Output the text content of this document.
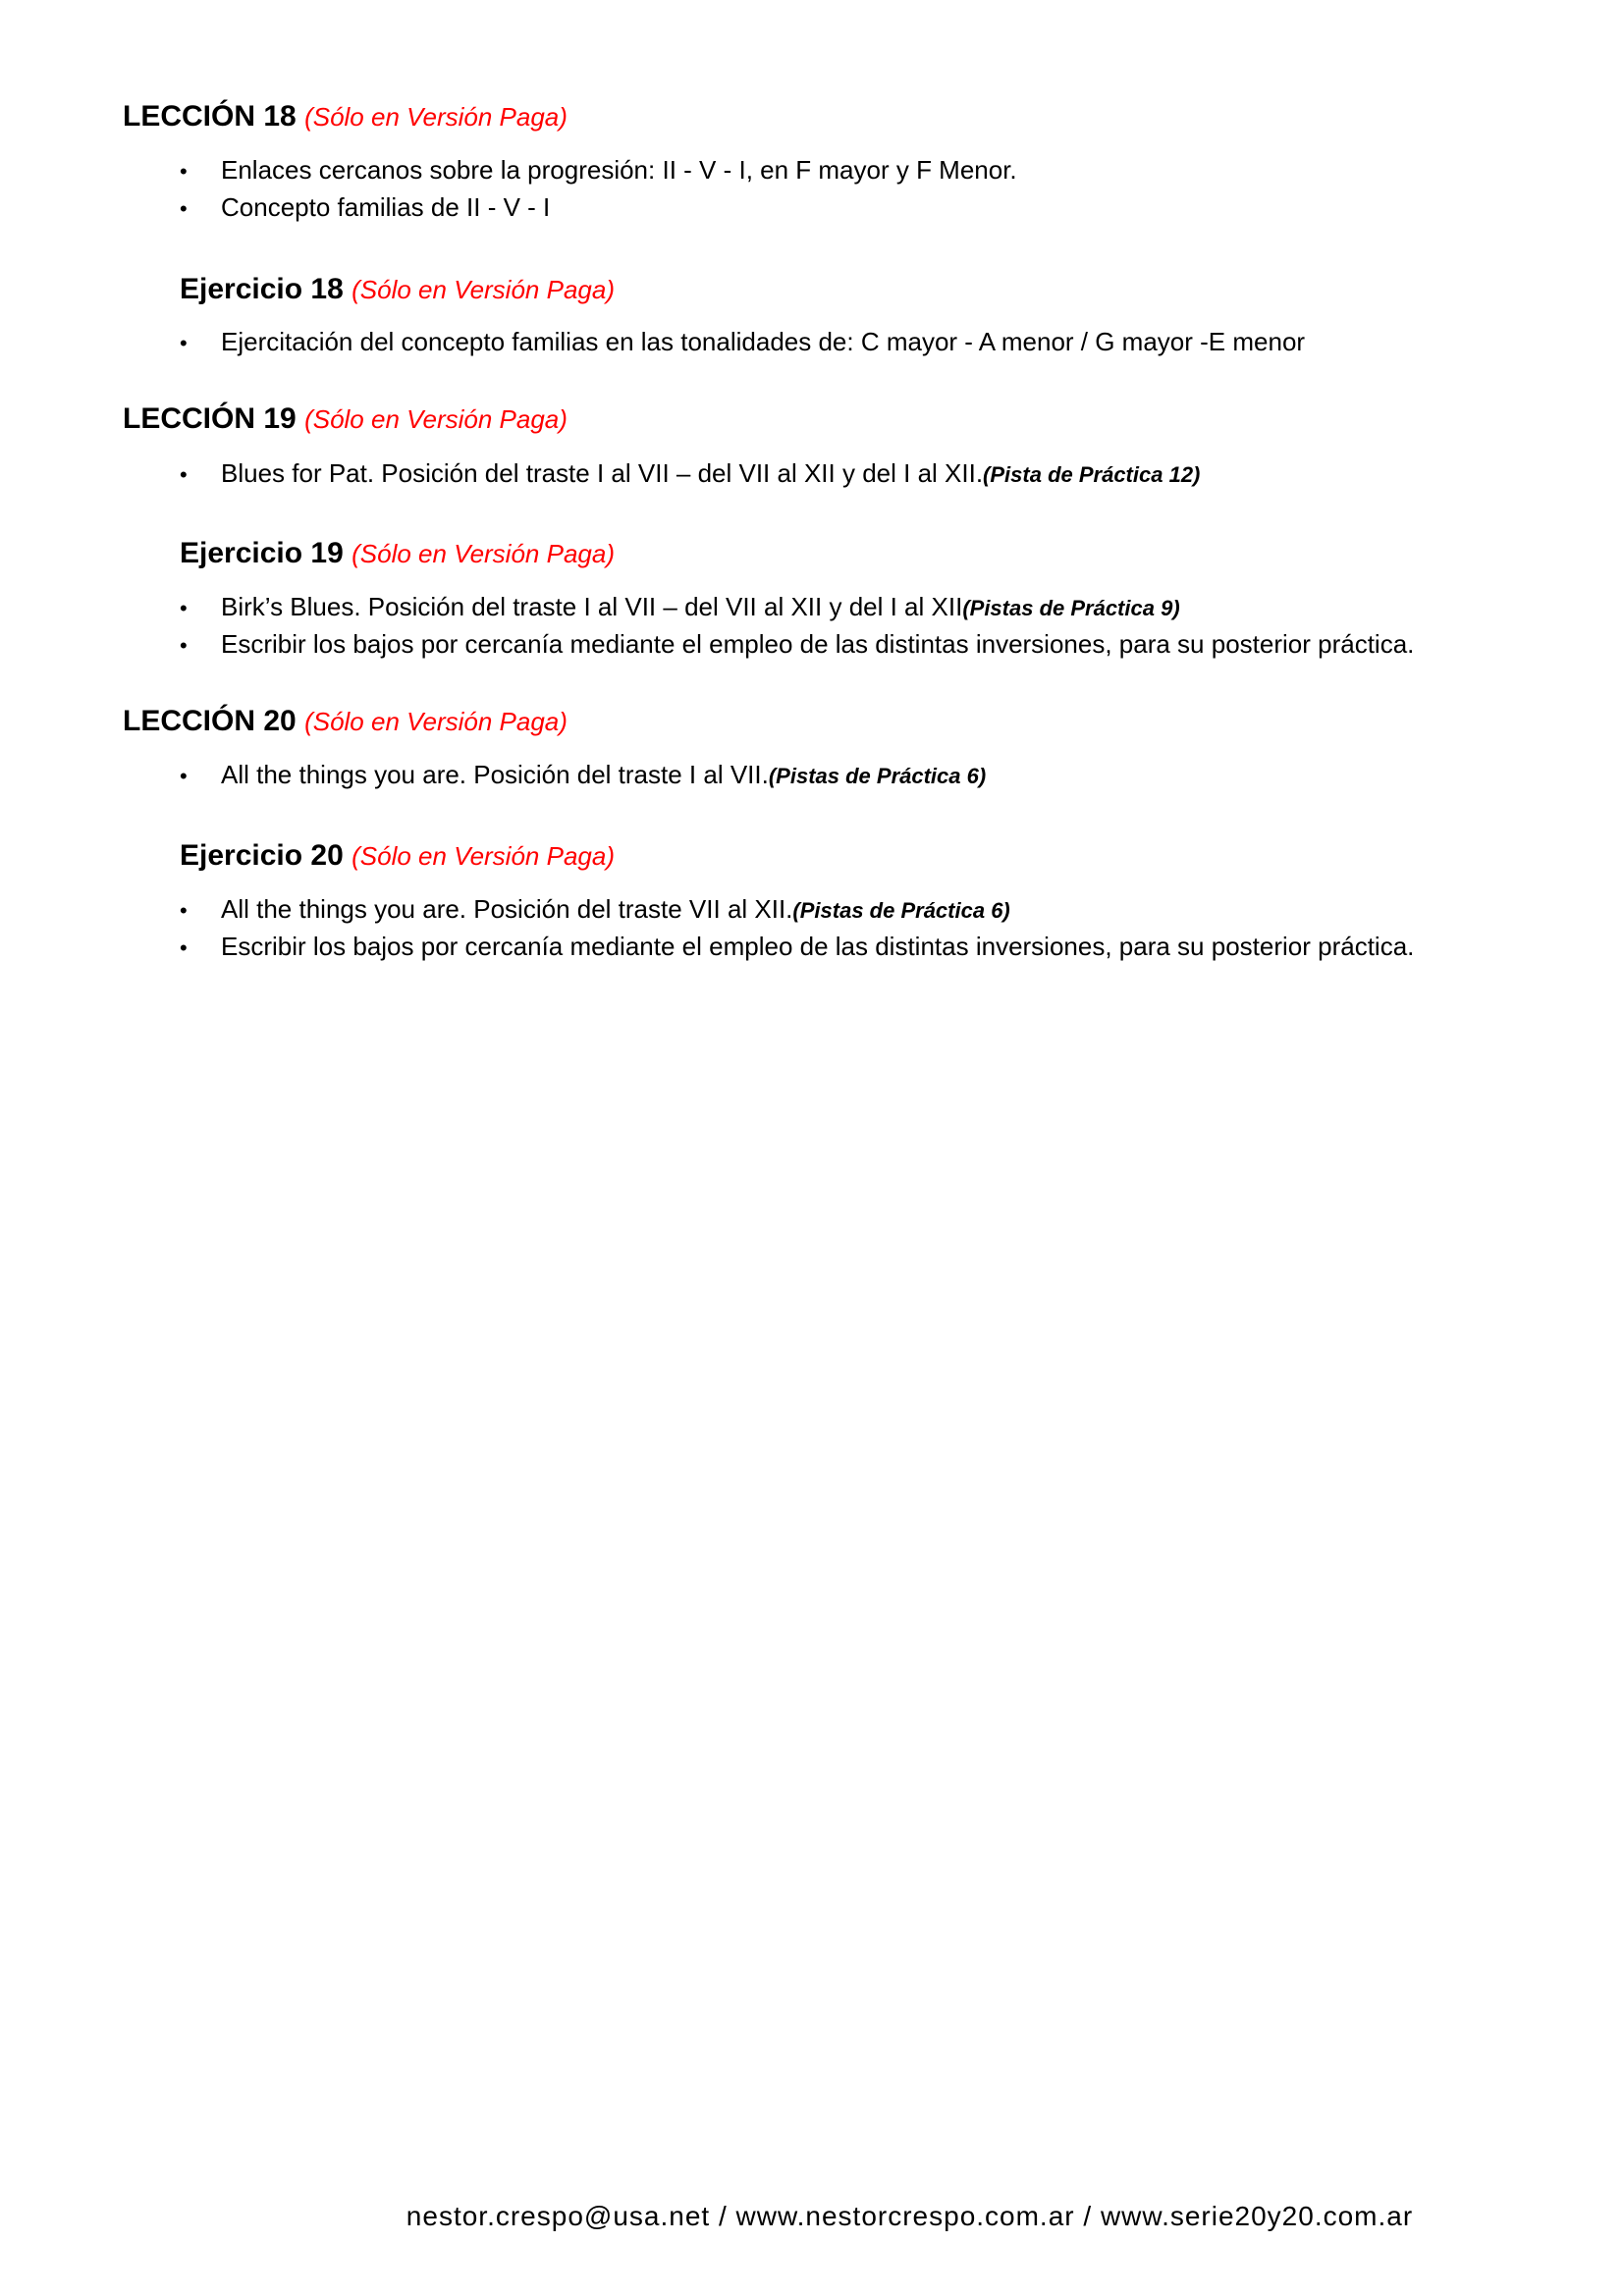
LECCIÓN 18 (Sólo en Versión Paga)
•	Enlaces cercanos sobre la progresión: II - V - I, en F mayor y F Menor.
•	Concepto familias de II - V - I
Ejercicio 18 (Sólo en Versión Paga)
•	Ejercitación del concepto familias en las tonalidades de: C mayor - A menor / G mayor -E menor
LECCIÓN 19 (Sólo en Versión Paga)
•	Blues for Pat. Posición del traste I al VII – del VII al XII y del I al XII. (Pista de Práctica 12)
Ejercicio 19 (Sólo en Versión Paga)
•	Birk’s Blues. Posición del traste I al VII – del VII al XII y del I al XII (Pistas de Práctica 9)
•	Escribir los bajos por cercanía mediante el empleo de las distintas inversiones, para su posterior práctica.
LECCIÓN 20 (Sólo en Versión Paga)
•	All the things you are. Posición del traste I al VII. (Pistas de Práctica 6)
Ejercicio 20 (Sólo en Versión Paga)
•	All the things you are. Posición del traste VII al XII. (Pistas de Práctica 6)
•	Escribir los bajos por cercanía mediante el empleo de las distintas inversiones, para su posterior práctica.
nestor.crespo@usa.net / www.nestorcrespo.com.ar / www.serie20y20.com.ar
